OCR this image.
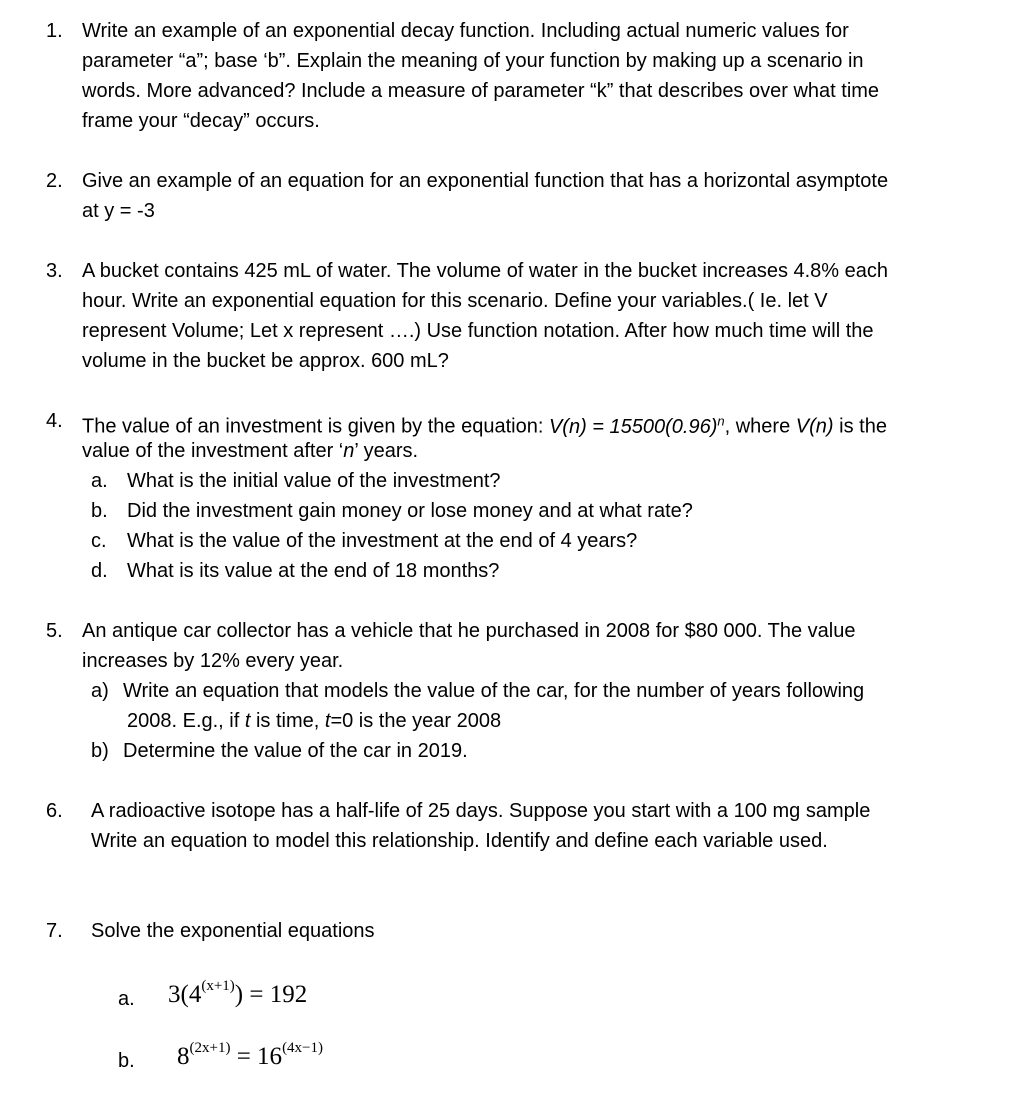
1. Write an example of an exponential decay function. Including actual numeric values for
parameter “a”; base ‘b”. Explain the meaning of your function by making up a scenario in
words. More advanced? Include a measure of parameter “k” that describes over what time
frame your “decay” occurs.
2. Give an example of an equation for an exponential function that has a horizontal asymptote
at y = -3
3. A bucket contains 425 mL of water. The volume of water in the bucket increases 4.8% each
hour. Write an exponential equation for this scenario. Define your variables.( Ie. let V
represent Volume; Let x represent ….) Use function notation. After how much time will the
volume in the bucket be approx. 600 mL?
4. The value of an investment is given by the equation: $V(n) = 15500(0.96)^n$, where V(n) is the
value of the investment after ‘n’ years.
a. What is the initial value of the investment?
b. Did the investment gain money or lose money and at what rate?
c. What is the value of the investment at the end of 4 years?
d. What is its value at the end of 18 months?
5. An antique car collector has a vehicle that he purchased in 2008 for $80 000. The value
increases by 12% every year.
a) Write an equation that models the value of the car, for the number of years following
2008. E.g., if t is time, t=0 is the year 2008
b) Determine the value of the car in 2019.
6. A radioactive isotope has a half-life of 25 days. Suppose you start with a 100 mg sample
Write an equation to model this relationship. Identify and define each variable used.
7. Solve the exponential equations
a. $3(4^{(x+1)}) = 192$
b. $8^{(2x+1)} = 16^{(4x-1)}$
